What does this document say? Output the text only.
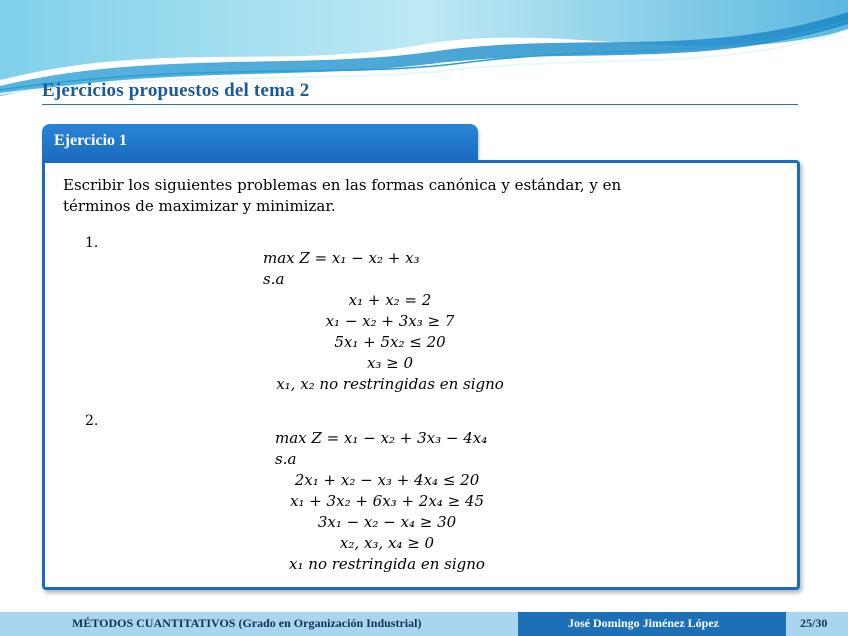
Ejercicios propuestos del tema 2
Ejercicio 1
Escribir los siguientes problemas en las formas canónica y estándar, y en términos de maximizar y minimizar.
1.
max Z = x₁ − x₂ + x₃
s.a
x₁ + x₂ = 2
x₁ − x₂ + 3x₃ ≥ 7
5x₁ + 5x₂ ≤ 20
x₃ ≥ 0
x₁, x₂ no restringidas en signo
2.
max Z = x₁ − x₂ + 3x₃ − 4x₄
s.a
2x₁ + x₂ − x₃ + 4x₄ ≤ 20
x₁ + 3x₂ + 6x₃ + 2x₄ ≥ 45
3x₁ − x₂ − x₄ ≥ 30
x₂, x₃, x₄ ≥ 0
x₁ no restringida en signo
MÉTODOS CUANTITATIVOS (Grado en Organización Industrial)	José Domingo Jiménez López	25/30
